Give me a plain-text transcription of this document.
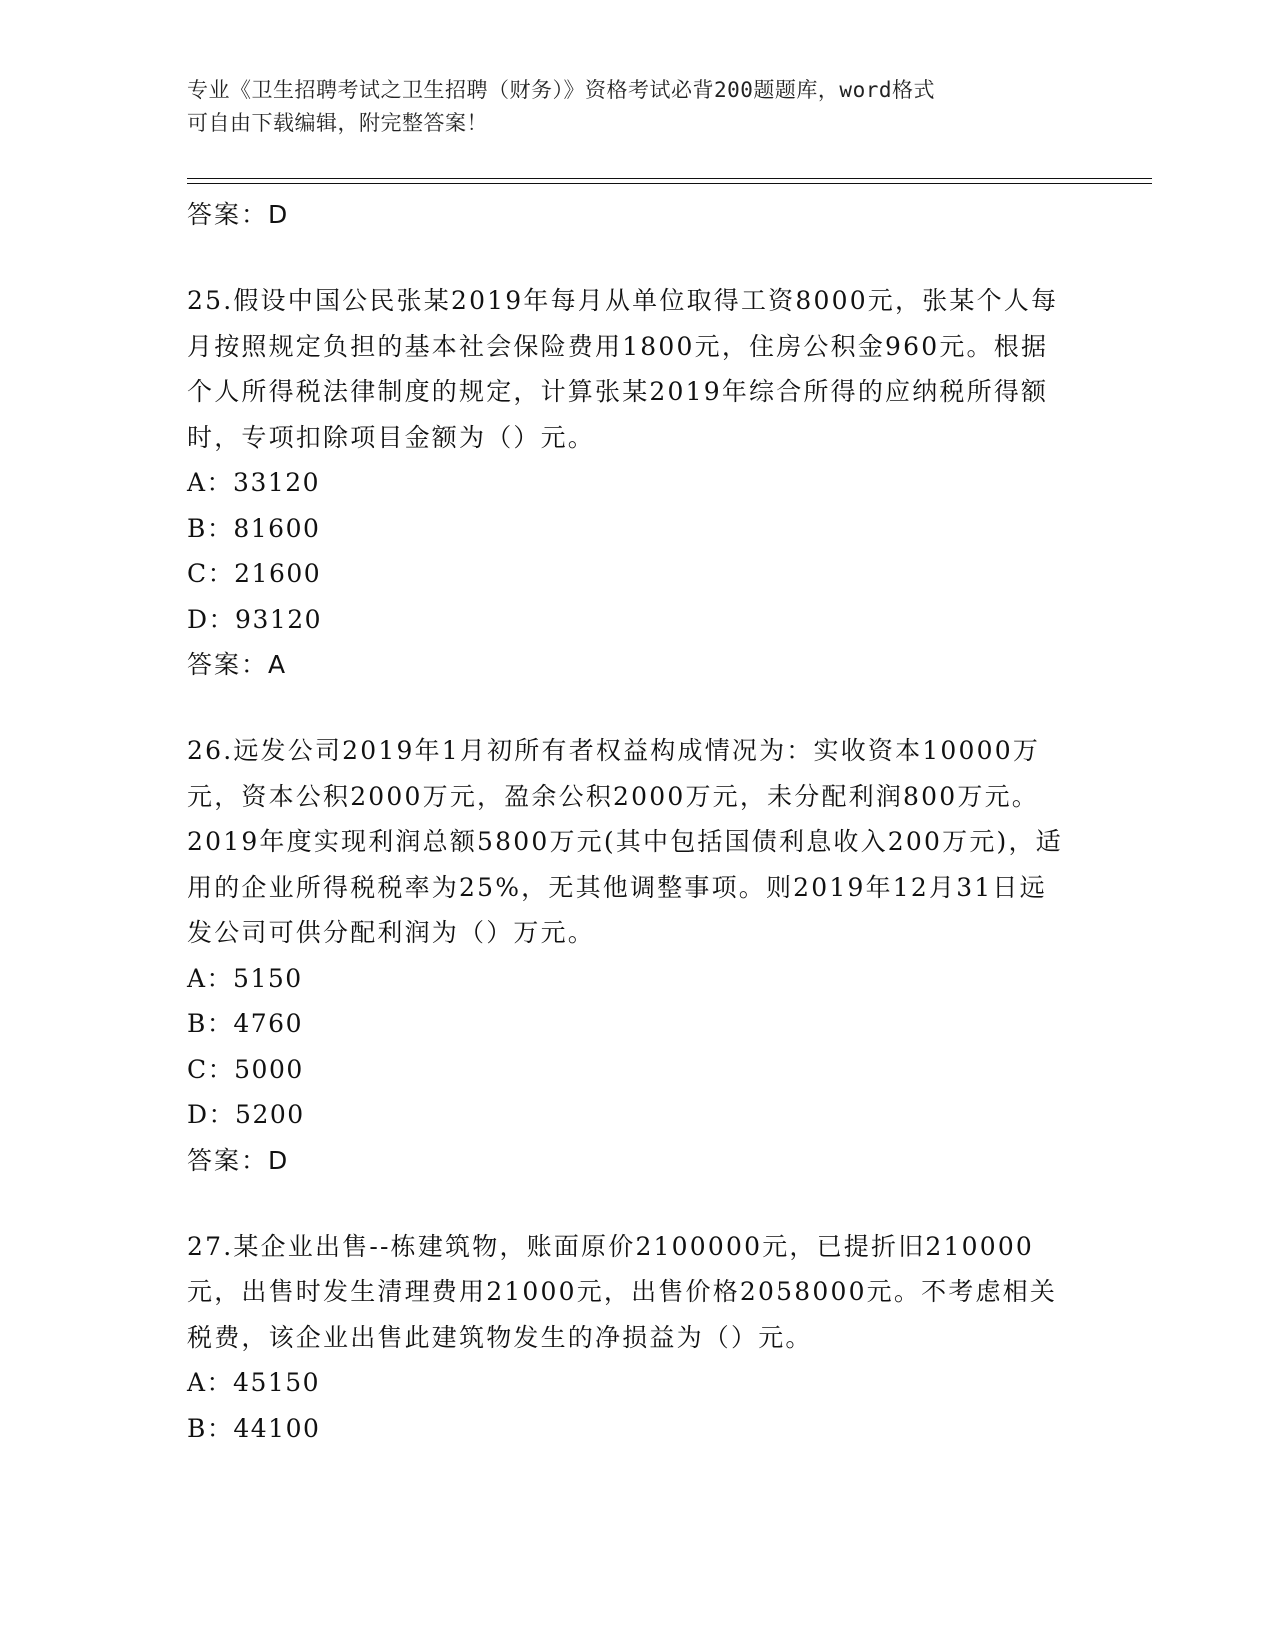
专业《卫生招聘考试之卫生招聘（财务）》资格考试必背200题题库，word格式
可自由下载编辑，附完整答案！
答案：D
25.假设中国公民张某2019年每月从单位取得工资8000元，张某个人每月按照规定负担的基本社会保险费用1800元，住房公积金960元。根据个人所得税法律制度的规定，计算张某2019年综合所得的应纳税所得额时，专项扣除项目金额为（）元。
A：33120
B：81600
C：21600
D：93120
答案：A
26.远发公司2019年1月初所有者权益构成情况为：实收资本10000万元，资本公积2000万元，盈余公积2000万元，未分配利润800万元。2019年度实现利润总额5800万元(其中包括国债利息收入200万元)，适用的企业所得税税率为25%，无其他调整事项。则2019年12月31日远发公司可供分配利润为（）万元。
A：5150
B：4760
C：5000
D：5200
答案：D
27.某企业出售--栋建筑物，账面原价2100000元，已提折旧210000元，出售时发生清理费用21000元，出售价格2058000元。不考虑相关税费，该企业出售此建筑物发生的净损益为（）元。
A：45150
B：44100
